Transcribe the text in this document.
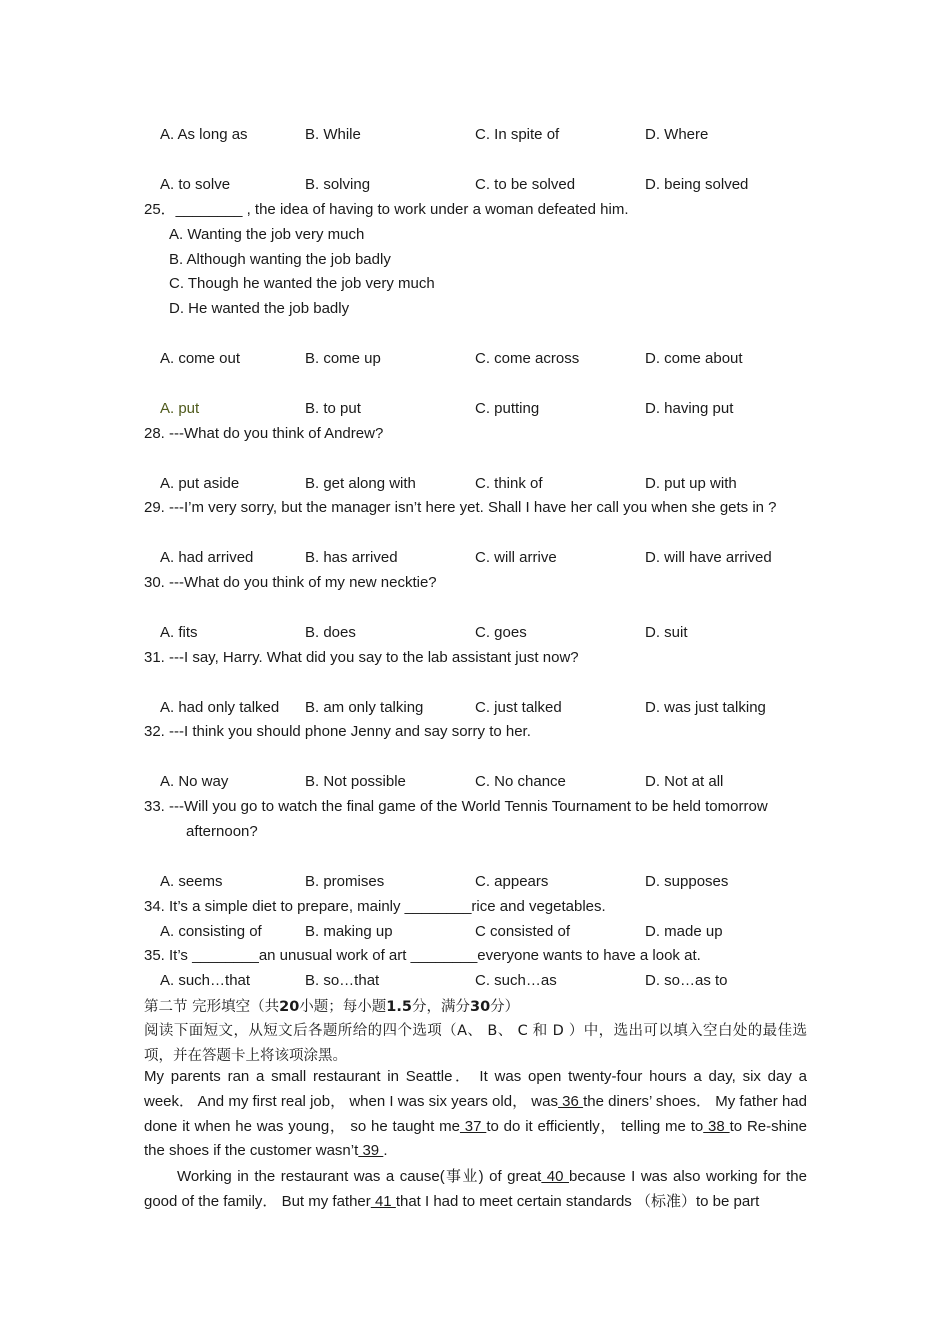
A. As long as	B. While	C. In spite of	D. Where
A. to solve	B. solving	C. to be solved	D. being solved
25．________ , the idea of having to work under a woman defeated him.
A. Wanting the job very much
B. Although wanting the job badly
C. Though he wanted the job very much
D. He wanted the job badly
A. come out	B. come up	C. come across	D. come about
A. put	B. to put	C. putting	D. having put
28. ---What do you think of Andrew?
A. put aside	B. get along with	C. think of	D. put up with
29. ---I’m very sorry, but the manager isn’t here yet. Shall I have her call you when she gets in ?
A. had arrived	B. has arrived	C. will arrive	D. will have arrived
30. ---What do you think of my new necktie?
A. fits	B. does	C. goes	D. suit
31. ---I say, Harry. What did you say to the lab assistant just now?
A. had only talked B. am only talking	C. just talked	D. was just talking
32. ---I think you should phone Jenny and say sorry to her.
A. No way	B. Not possible	C. No chance	D. Not at all
33. ---Will you go to watch the final game of the World Tennis Tournament to be held tomorrow
afternoon?
A. seems	B. promises	C. appears	D. supposes
34. It’s a simple diet to prepare, mainly ________rice and vegetables.
A. consisting of	B. making up	C consisted of	D. made up
35. It’s ________an unusual work of art ________everyone wants to have a look at.
A. such…that	B. so…that	C. such…as	D. so…as to
第二节 完形填空（共20小题；每小题1.5分，满分30分）
阅读下面短文，从短文后各题所给的四个选项（A、 B、 C 和 D ）中，选出可以填入空白处的最佳选项，并在答题卡上将该项涂黑。
My parents ran a small restaurant in Seattle． It was open twenty-four hours a day, six day a week． And my first real job， when I was six years old， was 36 the diners’ shoes． My father had done it when he was young， so he taught me 37 to do it efficiently， telling me to 38 to Re-shine the shoes if the customer wasn’t 39 .
Working in the restaurant was a cause(事业) of great 40 because I was also working for the good of the family． But my father 41 that I had to meet certain standards （标准）to be part
